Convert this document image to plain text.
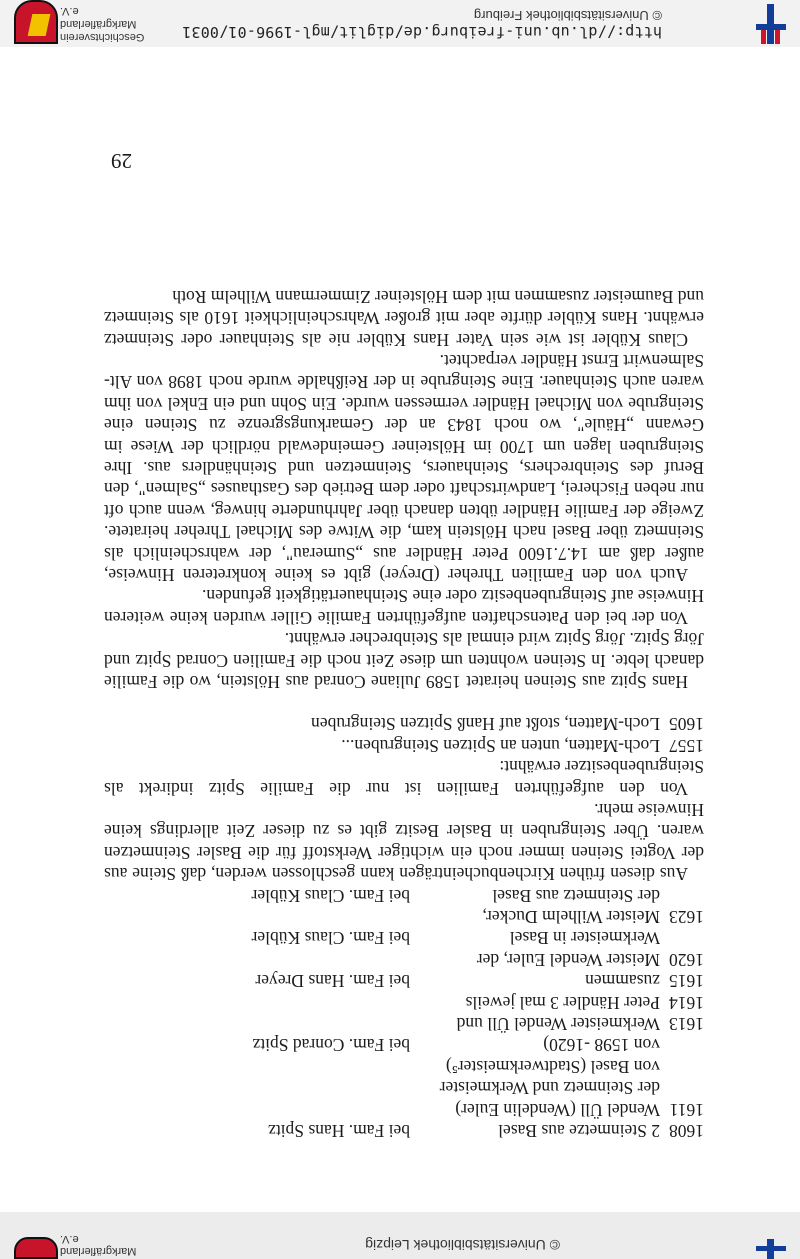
http://dl.ub.uni-freiburg.de/diglit/mgl-1996-01/0031
© Universitätsbibliothek Freiburg
Geschichtsverein
Markgräflerland e.V.
© Universitätsbibliothek Leipzig
Markgräflerland e.V.
29
1608
2 Steinmetze aus Basel
bei Fam. Hans Spitz
1611
Wendel Üll (Wendelin Euler)
der Steinmetz und Werkmeister
von Basel (Stadtwerkmeister⁵)
von 1598 -1620)
bei Fam. Conrad Spitz
1613
Werkmeister Wendel Üll und
1614
Peter Händler 3 mal jeweils
1615
zusammen
bei Fam. Hans Dreyer
1620
Meister Wendel Euler, der
Werkmeister in Basel
bei Fam. Claus Kübler
1623
Meister Wilhelm Ducker,
der Steinmetz aus Basel
bei Fam. Claus Kübler

Aus diesen frühen Kirchenbucheinträgen kann geschlossen werden, daß Steine aus der Vogtei Steinen immer noch ein wichtiger Werkstoff für die Basler Steinmetzen waren. Über Steingruben in Basler Besitz gibt es zu dieser Zeit allerdings keine Hinweise mehr.

Von den aufgeführten Familien ist nur die Familie Spitz indirekt als Steingrubenbesitzer erwähnt:

1557Loch-Matten, unten an Spitzen Steingruben...

1605Loch-Matten, stoßt auf Hanß Spitzen Steingruben

Hans Spitz aus Steinen heiratet 1589 Juliane Conrad aus Hölstein, wo die Familie danach lebte. In Steinen wohnten um diese Zeit noch die Familien Conrad Spitz und Jörg Spitz. Jörg Spitz wird einmal als Steinbrecher erwähnt.

Von der bei den Patenschaften aufgeführten Familie Giller wurden keine weiteren Hinweise auf Steingrubenbesitz oder eine Steinhauertätigkeit gefunden.

Auch von den Familien Threher (Dreyer) gibt es keine konkreteren Hinweise, außer daß am 14.7.1600 Peter Händler aus „Sumerau", der wahrscheinlich als Steinmetz über Basel nach Hölstein kam, die Witwe des Michael Threher heiratete. Zweige der Familie Händler übten danach über Jahrhunderte hinweg, wenn auch oft nur neben Fischerei, Landwirtschaft oder dem Betrieb des Gasthauses „Salmen", den Beruf des Steinbrechers, Steinhauers, Steinmetzen und Steinhändlers aus. Ihre Steingruben lagen um 1700 im Hölsteiner Gemeindewald nördlich der Wiese im Gewann „Häule", wo noch 1843 an der Gemarkungsgrenze zu Steinen eine Steingrube von Michael Händler vermessen wurde. Ein Sohn und ein Enkel von ihm waren auch Steinhauer. Eine Steingrube in der Reißhalde wurde noch 1898 von Alt-Salmenwirt Ernst Händler verpachtet.

Claus Kübler ist wie sein Vater Hans Kübler nie als Steinhauer oder Steinmetz erwähnt. Hans Kübler dürfte aber mit großer Wahrscheinlichkeit 1610 als Steinmetz und Baumeister zusammen mit dem Hölsteiner Zimmermann Wilhelm Roth
